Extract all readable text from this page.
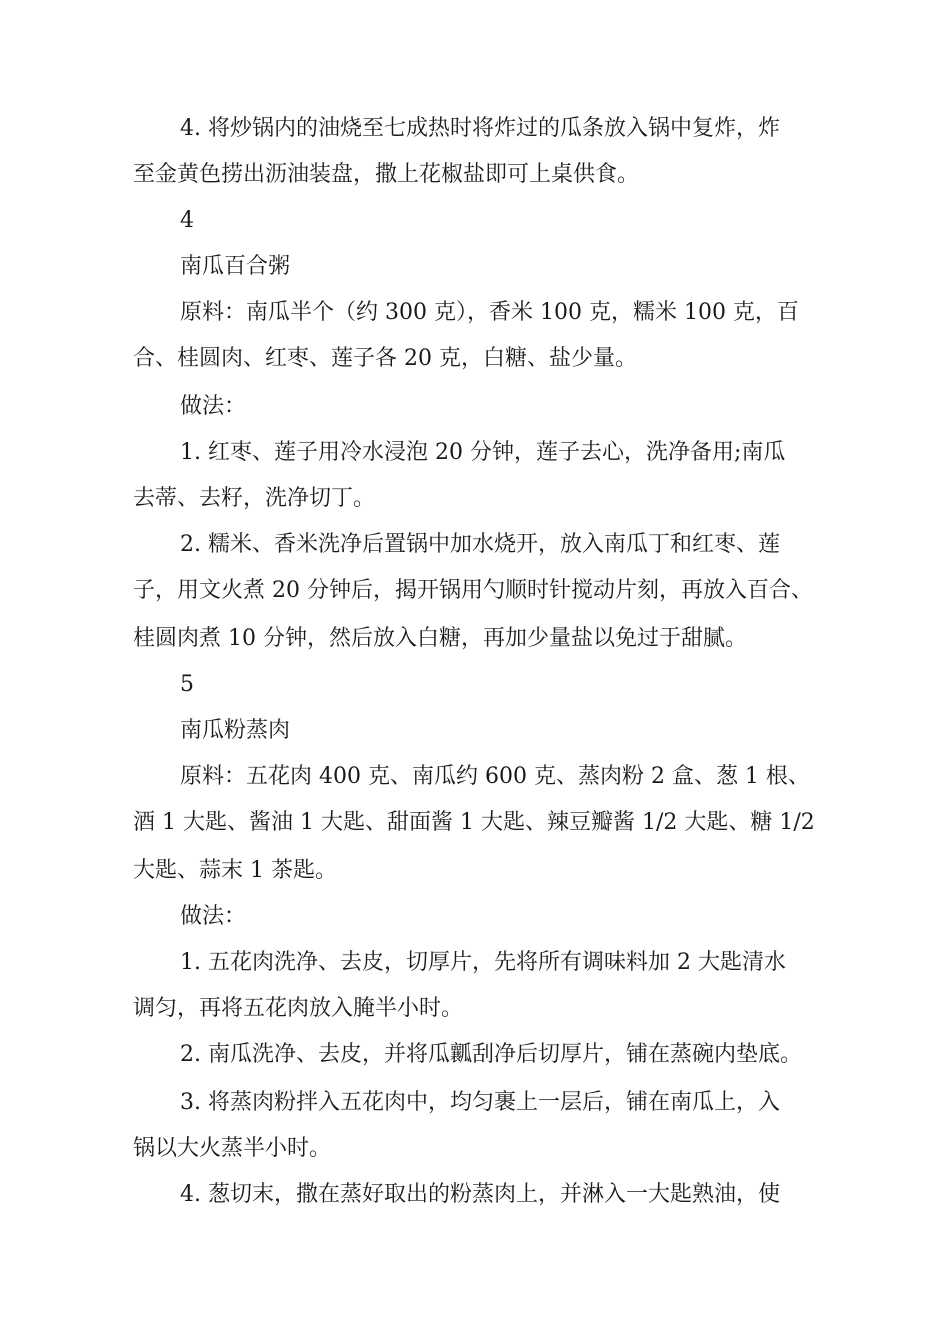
4. 将炒锅内的油烧至七成热时将炸过的瓜条放入锅中复炸，炸
至金黄色捞出沥油装盘，撒上花椒盐即可上桌供食。
4
南瓜百合粥
原料：南瓜半个（约 300 克），香米 100 克，糯米 100 克，百
合、桂圆肉、红枣、莲子各 20 克，白糖、盐少量。
做法：
1. 红枣、莲子用冷水浸泡 20 分钟，莲子去心，洗净备用;南瓜
去蒂、去籽，洗净切丁。
2. 糯米、香米洗净后置锅中加水烧开，放入南瓜丁和红枣、莲
子，用文火煮 20 分钟后，揭开锅用勺顺时针搅动片刻，再放入百合、
桂圆肉煮 10 分钟，然后放入白糖，再加少量盐以免过于甜腻。
5
南瓜粉蒸肉
原料：五花肉 400 克、南瓜约 600 克、蒸肉粉 2 盒、葱 1 根、
酒 1 大匙、酱油 1 大匙、甜面酱 1 大匙、辣豆瓣酱 1/2 大匙、糖 1/2
大匙、蒜末 1 茶匙。
做法：
1. 五花肉洗净、去皮，切厚片，先将所有调味料加 2 大匙清水
调匀，再将五花肉放入腌半小时。
2. 南瓜洗净、去皮，并将瓜瓤刮净后切厚片，铺在蒸碗内垫底。
3. 将蒸肉粉拌入五花肉中，均匀裹上一层后，铺在南瓜上，入
锅以大火蒸半小时。
4. 葱切末，撒在蒸好取出的粉蒸肉上，并淋入一大匙熟油，使
